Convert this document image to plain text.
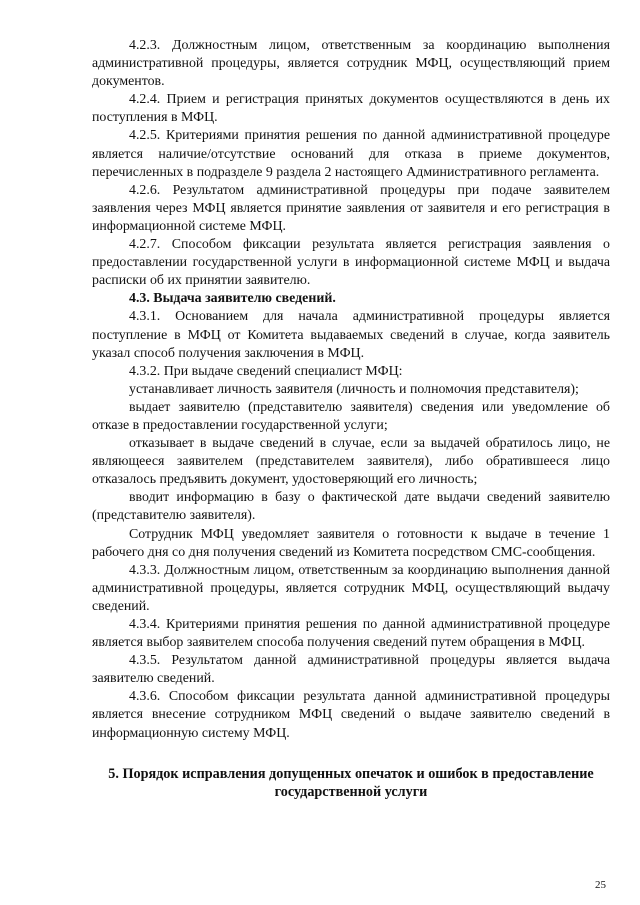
4.2.3. Должностным лицом, ответственным за координацию выполнения административной процедуры, является сотрудник МФЦ, осуществляющий прием документов.

4.2.4. Прием и регистрация принятых документов осуществляются в день их поступления в МФЦ.

4.2.5. Критериями принятия решения по данной административной процедуре является наличие/отсутствие оснований для отказа в приеме документов, перечисленных в подразделе 9 раздела 2 настоящего Административного регламента.

4.2.6. Результатом административной процедуры при подаче заявителем заявления через МФЦ является принятие заявления от заявителя и его регистрация в информационной системе МФЦ.

4.2.7. Способом фиксации результата является регистрация заявления о предоставлении государственной услуги в информационной системе МФЦ и выдача расписки об их принятии заявителю.

4.3. Выдача заявителю сведений.

4.3.1. Основанием для начала административной процедуры является поступление в МФЦ от Комитета выдаваемых сведений в случае, когда заявитель указал способ получения заключения в МФЦ.

4.3.2. При выдаче сведений специалист МФЦ:

устанавливает личность заявителя (личность и полномочия представителя);

выдает заявителю (представителю заявителя) сведения или уведомление об отказе в предоставлении государственной услуги;

отказывает в выдаче сведений в случае, если за выдачей обратилось лицо, не являющееся заявителем (представителем заявителя), либо обратившееся лицо отказалось предъявить документ, удостоверяющий его личность;

вводит информацию в базу о фактической дате выдачи сведений заявителю (представителю заявителя).

Сотрудник МФЦ уведомляет заявителя о готовности к выдаче в течение 1 рабочего дня со дня получения сведений из Комитета посредством СМС-сообщения.

4.3.3. Должностным лицом, ответственным за координацию выполнения данной административной процедуры, является сотрудник МФЦ, осуществляющий выдачу сведений.

4.3.4. Критериями принятия решения по данной административной процедуре является выбор заявителем способа получения сведений путем обращения в МФЦ.

4.3.5. Результатом данной административной процедуры является выдача заявителю сведений.

4.3.6. Способом фиксации результата данной административной процедуры является внесение сотрудником МФЦ сведений о выдаче заявителю сведений в информационную систему МФЦ.

5. Порядок исправления допущенных опечаток и ошибок в предоставление государственной услуги
25
